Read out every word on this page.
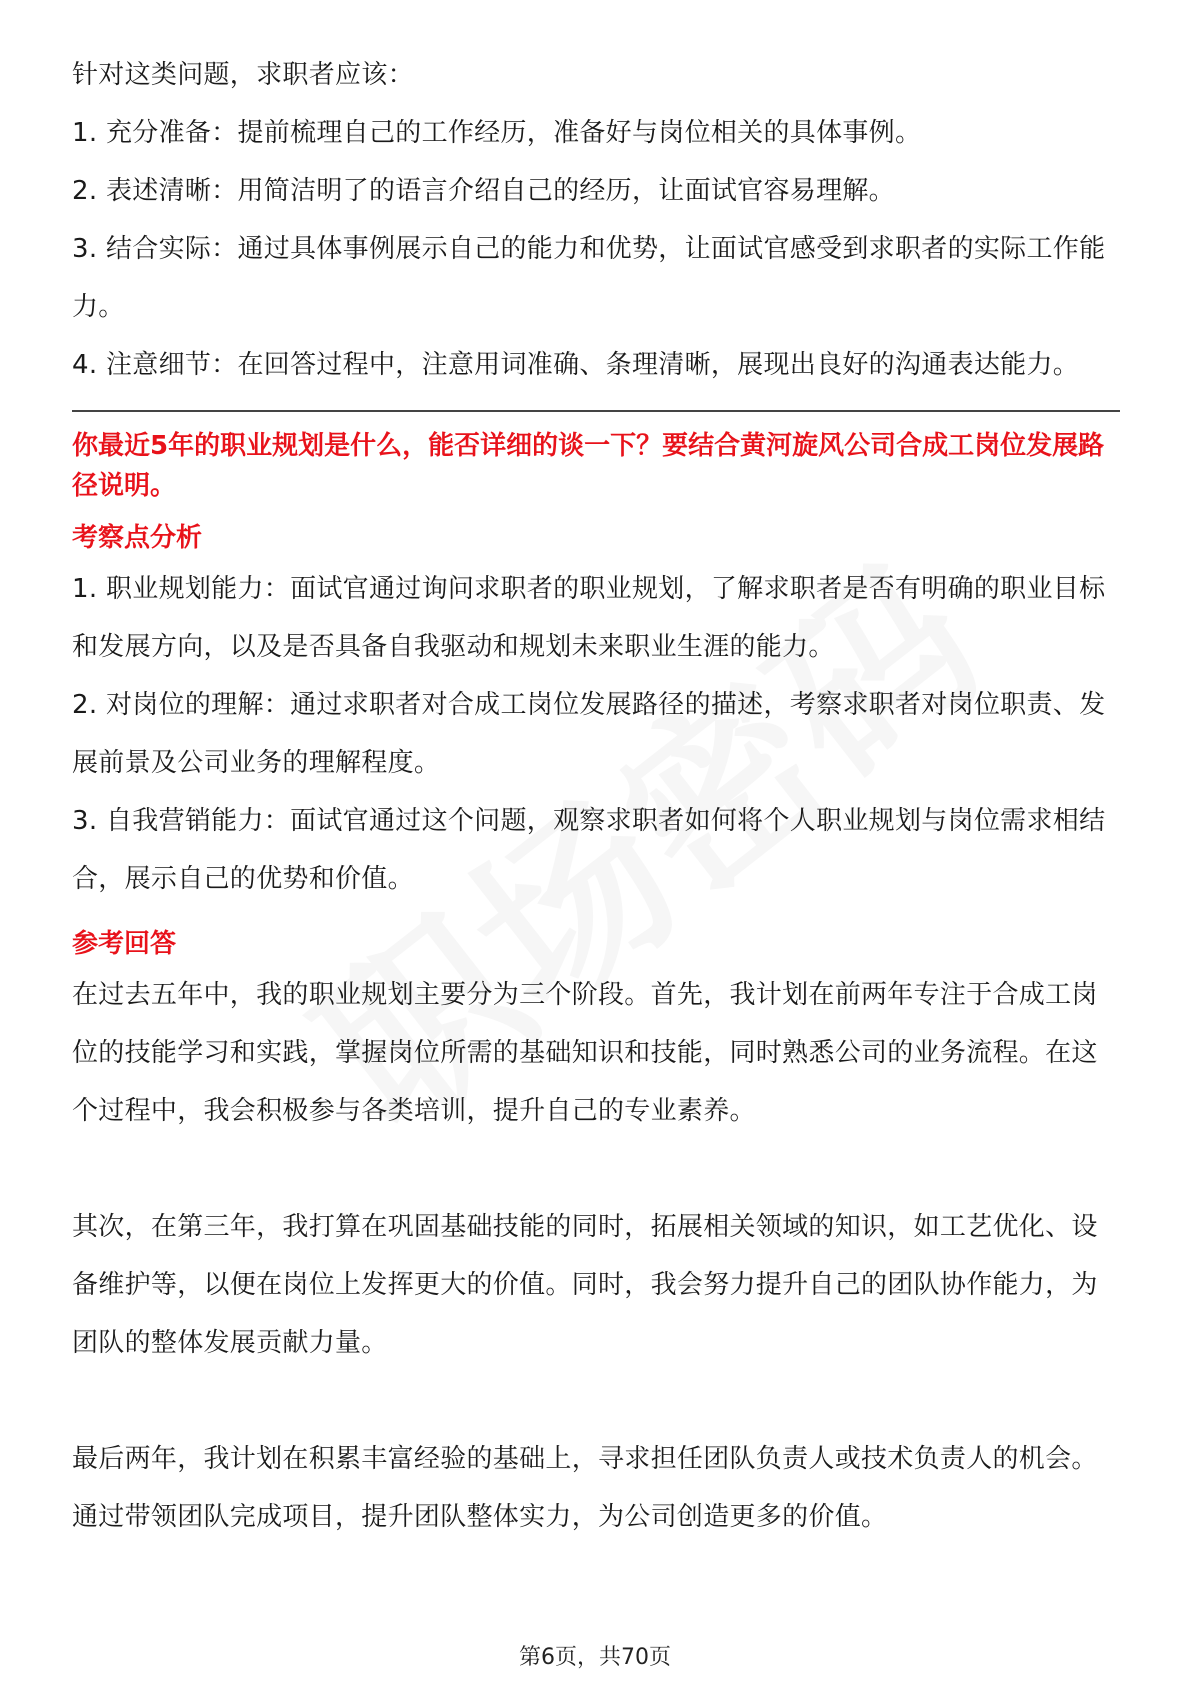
针对这类问题，求职者应该：

1. 充分准备：提前梳理自己的工作经历，准备好与岗位相关的具体事例。

2. 表述清晰：用简洁明了的语言介绍自己的经历，让面试官容易理解。

3. 结合实际：通过具体事例展示自己的能力和优势，让面试官感受到求职者的实际工作能力。

4. 注意细节：在回答过程中，注意用词准确、条理清晰，展现出良好的沟通表达能力。

你最近5年的职业规划是什么，能否详细的谈一下？要结合黄河旋风公司合成工岗位发展路径说明。

考察点分析

1. 职业规划能力：面试官通过询问求职者的职业规划，了解求职者是否有明确的职业目标和发展方向，以及是否具备自我驱动和规划未来职业生涯的能力。

2. 对岗位的理解：通过求职者对合成工岗位发展路径的描述，考察求职者对岗位职责、发展前景及公司业务的理解程度。

3. 自我营销能力：面试官通过这个问题，观察求职者如何将个人职业规划与岗位需求相结合，展示自己的优势和价值。

参考回答

在过去五年中，我的职业规划主要分为三个阶段。首先，我计划在前两年专注于合成工岗位的技能学习和实践，掌握岗位所需的基础知识和技能，同时熟悉公司的业务流程。在这个过程中，我会积极参与各类培训，提升自己的专业素养。

其次，在第三年，我打算在巩固基础技能的同时，拓展相关领域的知识，如工艺优化、设备维护等，以便在岗位上发挥更大的价值。同时，我会努力提升自己的团队协作能力，为团队的整体发展贡献力量。

最后两年，我计划在积累丰富经验的基础上，寻求担任团队负责人或技术负责人的机会。通过带领团队完成项目，提升团队整体实力，为公司创造更多的价值。

第6页，共70页
